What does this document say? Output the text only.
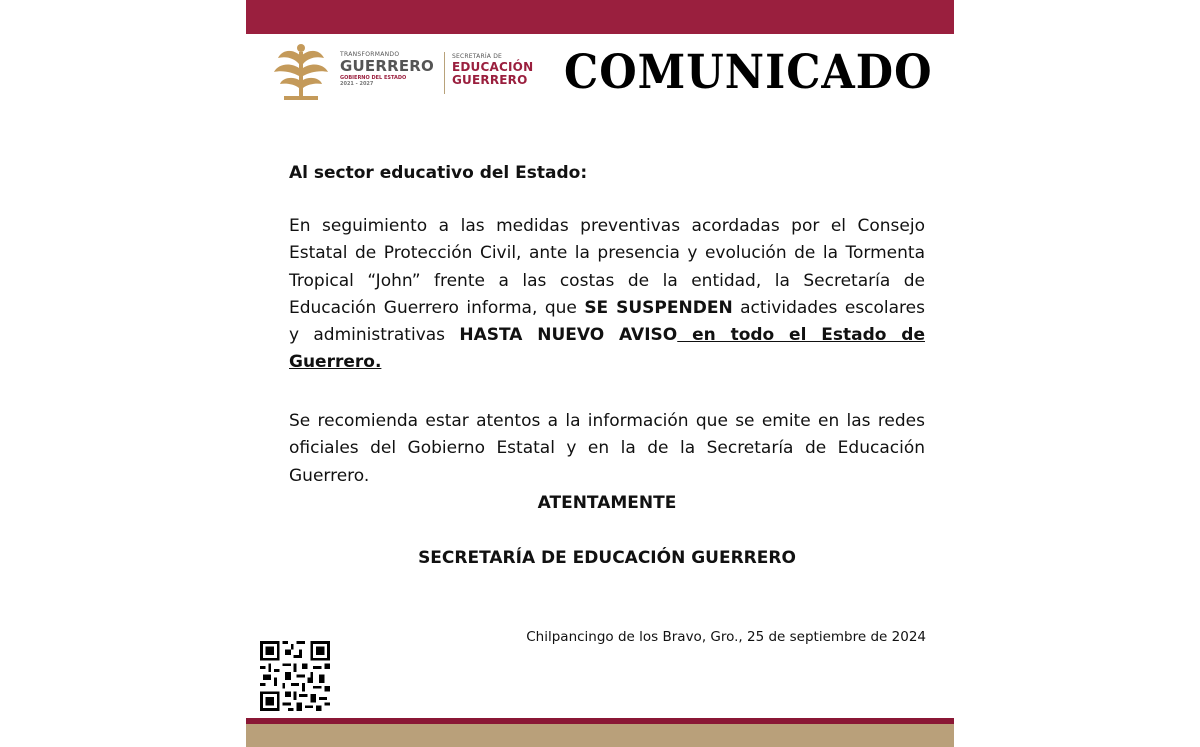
TRANSFORMANDO
GUERRERO
GOBIERNO DEL ESTADO
2021 - 2027
SECRETARÍA DE
EDUCACIÓN
GUERRERO COMUNICADO
Al sector educativo del Estado:
En seguimiento a las medidas preventivas acordadas por el Consejo Estatal de Protección Civil, ante la presencia y evolución de la Tormenta Tropical “John” frente a las costas de la entidad, la Secretaría de Educación Guerrero informa, que SE SUSPENDEN actividades escolares y administrativas HASTA NUEVO AVISO en todo el Estado de Guerrero.
Se recomienda estar atentos a la información que se emite en las redes oficiales del Gobierno Estatal y en la de la Secretaría de Educación Guerrero.
ATENTAMENTE
SECRETARÍA DE EDUCACIÓN GUERRERO
Chilpancingo de los Bravo, Gro., 25 de septiembre de 2024
